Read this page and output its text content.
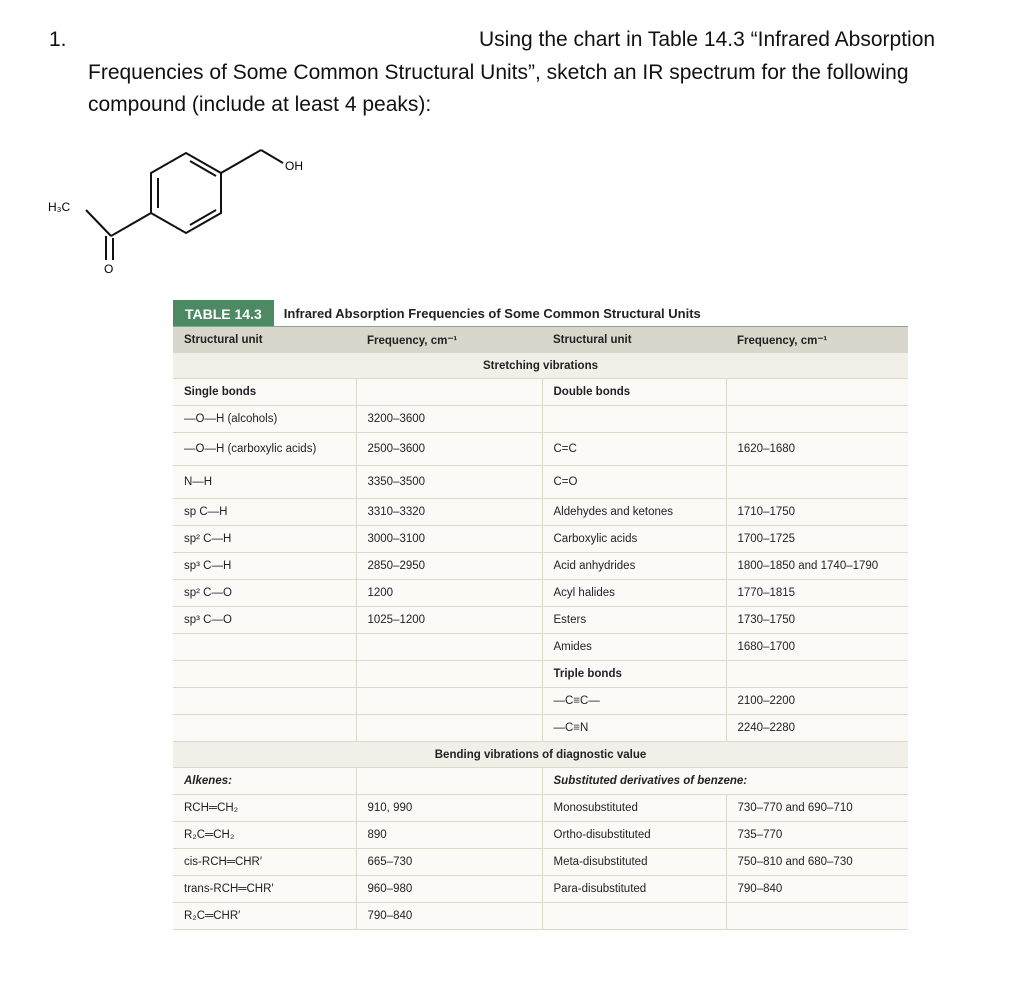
1.	Using the chart in Table 14.3 “Infrared Absorption
Frequencies of Some Common Structural Units”, sketch an IR spectrum for the following
compound (include at least 4 peaks):
OH
H₃C
O
TABLE 14.3	Infrared Absorption Frequencies of Some Common Structural Units
Structural unit	Frequency, cm⁻¹	Structural unit	Frequency, cm⁻¹
Stretching vibrations			
Single bonds		Double bonds	
—O—H (alcohols)	3200–3600		
—O—H (carboxylic acids)	2500–3600	C=C	1620–1680
N—H	3350–3500	C=O	
sp C—H	3310–3320	Aldehydes and ketones	1710–1750
sp² C—H	3000–3100	Carboxylic acids	1700–1725
sp³ C—H	2850–2950	Acid anhydrides	1800–1850 and 1740–1790
sp² C—O	1200	Acyl halides	1770–1815
sp³ C—O	1025–1200	Esters	1730–1750
		Amides	1680–1700
		Triple bonds	
		—C≡C—	2100–2200
		—C≡N	2240–2280
Bending vibrations of diagnostic value			
Alkenes:		Substituted derivatives of benzene:	
RCH═CH₂	910, 990	Monosubstituted	730–770 and 690–710
R₂C═CH₂	890	Ortho-disubstituted	735–770
cis-RCH═CHR′	665–730	Meta-disubstituted	750–810 and 680–730
trans-RCH═CHR′	960–980	Para-disubstituted	790–840
R₂C═CHR′	790–840		
